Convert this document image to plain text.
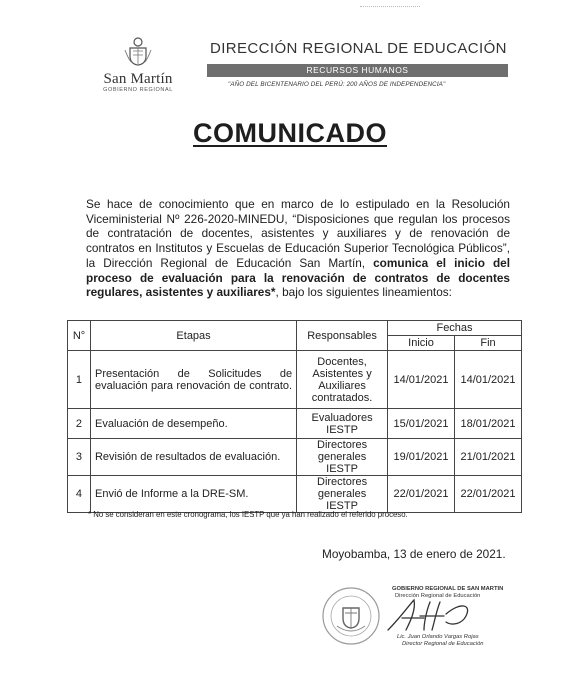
San Martín
GOBIERNO REGIONAL
DIRECCIÓN REGIONAL DE EDUCACIÓN
RECURSOS HUMANOS
"AÑO DEL BICENTENARIO DEL PERÚ: 200 AÑOS DE INDEPENDENCIA"
COMUNICADO
Se hace de conocimiento que en marco de lo estipulado en la Resolución Viceministerial Nº 226-2020-MINEDU, “Disposiciones que regulan los procesos de contratación de docentes, asistentes y auxiliares y de renovación de contratos en Institutos y Escuelas de Educación Superior Tecnológica Públicos”, la Dirección Regional de Educación San Martín, comunica el inicio del proceso de evaluación para la renovación de contratos de docentes regulares, asistentes y auxiliares*, bajo los siguientes lineamientos:
N°	Etapas	Responsables	Fechas	
			Inicio	Fin
1	Presentación de Solicitudes de evaluación para renovación de contrato.	Docentes, Asistentes y Auxiliares contratados.	14/01/2021	14/01/2021
2	Evaluación de desempeño.	Evaluadores IESTP	15/01/2021	18/01/2021
3	Revisión de resultados de evaluación.	Directores generales IESTP	19/01/2021	21/01/2021
4	Envió de Informe a la DRE-SM.	Directores generales IESTP	22/01/2021	22/01/2021
* No se consideran en este cronograma, los IESTP que ya han realizado el referido proceso.
Moyobamba, 13 de enero de 2021.
GOBIERNO REGIONAL DE SAN MARTIN
Dirección Regional de Educación
Lic. Juan Orlando Vargas Rojas
Director Regional de Educación
